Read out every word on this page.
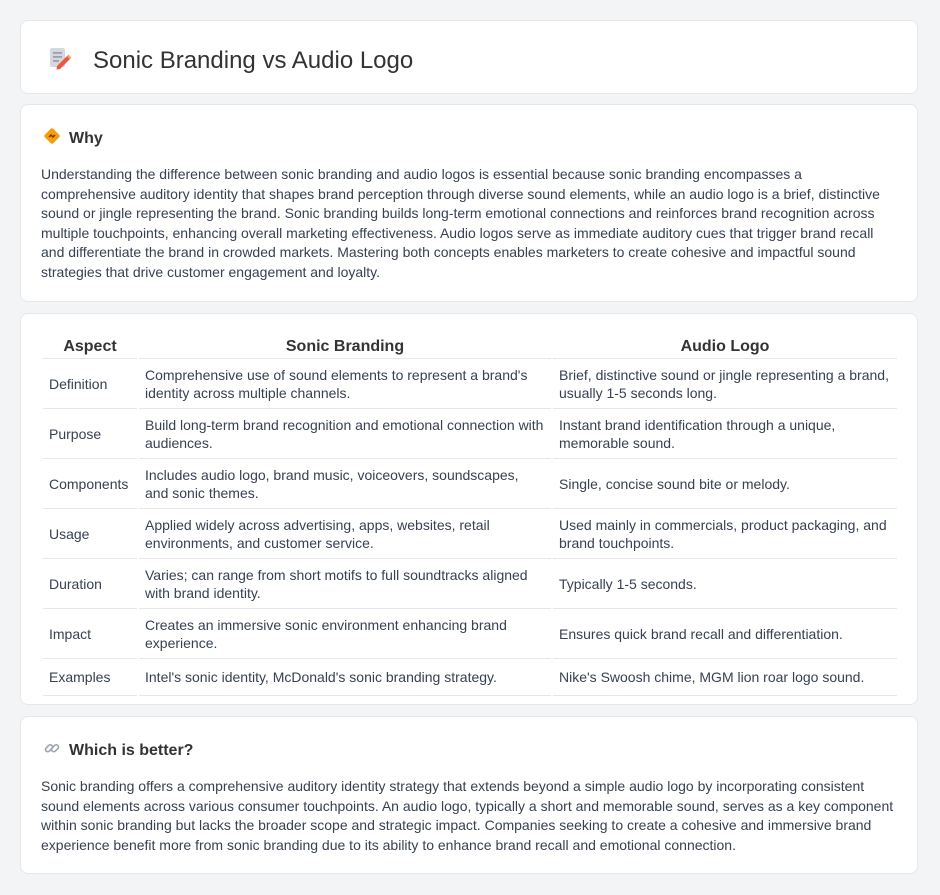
Sonic Branding vs Audio Logo
Why

Understanding the difference between sonic branding and audio logos is essential because sonic branding encompasses a comprehensive auditory identity that shapes brand perception through diverse sound elements, while an audio logo is a brief, distinctive sound or jingle representing the brand. Sonic branding builds long-term emotional connections and reinforces brand recognition across multiple touchpoints, enhancing overall marketing effectiveness. Audio logos serve as immediate auditory cues that trigger brand recall and differentiate the brand in crowded markets. Mastering both concepts enables marketers to create cohesive and impactful sound strategies that drive customer engagement and loyalty.

Aspect	Sonic Branding	Audio Logo
Definition	Comprehensive use of sound elements to represent a brand's identity across multiple channels.	Brief, distinctive sound or jingle representing a brand, usually 1-5 seconds long.
Purpose	Build long-term brand recognition and emotional connection with audiences.	Instant brand identification through a unique, memorable sound.
Components	Includes audio logo, brand music, voiceovers, soundscapes, and sonic themes.	Single, concise sound bite or melody.
Usage	Applied widely across advertising, apps, websites, retail environments, and customer service.	Used mainly in commercials, product packaging, and brand touchpoints.
Duration	Varies; can range from short motifs to full soundtracks aligned with brand identity.	Typically 1-5 seconds.
Impact	Creates an immersive sonic environment enhancing brand experience.	Ensures quick brand recall and differentiation.
Examples	Intel's sonic identity, McDonald's sonic branding strategy.	Nike's Swoosh chime, MGM lion roar logo sound.
Which is better?

Sonic branding offers a comprehensive auditory identity strategy that extends beyond a simple audio logo by incorporating consistent sound elements across various consumer touchpoints. An audio logo, typically a short and memorable sound, serves as a key component within sonic branding but lacks the broader scope and strategic impact. Companies seeking to create a cohesive and immersive brand experience benefit more from sonic branding due to its ability to enhance brand recall and emotional connection.
